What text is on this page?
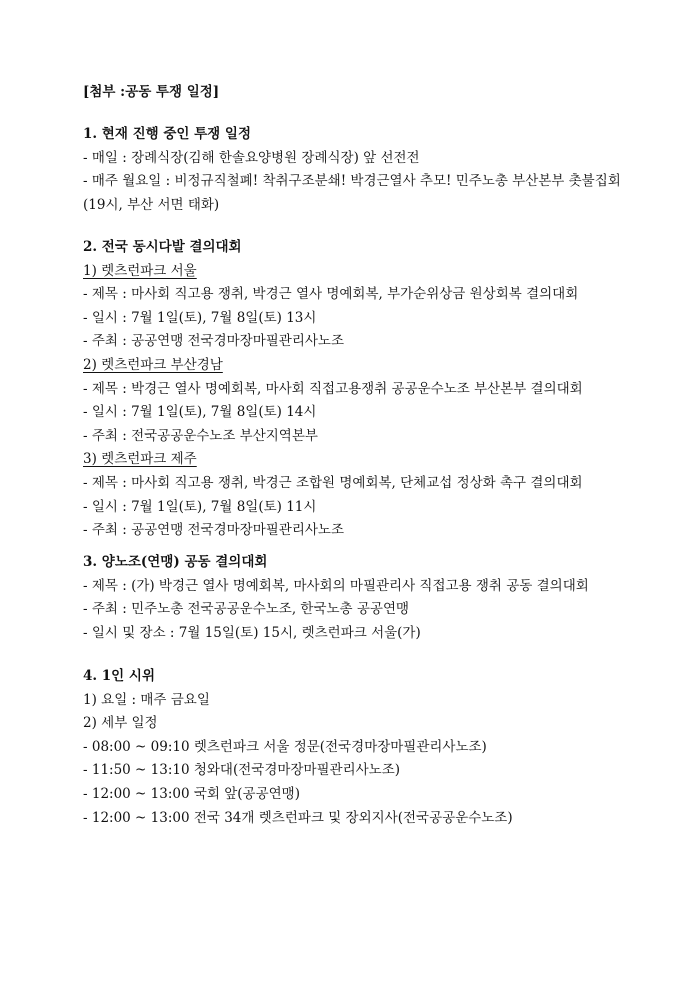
[첨부 :공동 투쟁 일정]
1. 현재 진행 중인 투쟁 일정
- 매일 : 장례식장(김해 한솔요양병원 장례식장) 앞 선전전
- 매주 월요일 : 비정규직철폐! 착취구조분쇄! 박경근열사 추모! 민주노총 부산본부 촛불집회(19시, 부산 서면 태화)
2. 전국 동시다발 결의대회
1) 렛츠런파크 서울
- 제목 : 마사회 직고용 쟁취, 박경근 열사 명예회복, 부가순위상금 원상회복 결의대회
- 일시 : 7월 1일(토), 7월 8일(토) 13시
- 주최 : 공공연맹 전국경마장마필관리사노조
2) 렛츠런파크 부산경남
- 제목 : 박경근 열사 명예회복, 마사회 직접고용쟁취 공공운수노조 부산본부 결의대회
- 일시 : 7월 1일(토), 7월 8일(토) 14시
- 주최 : 전국공공운수노조 부산지역본부
3) 렛츠런파크 제주
- 제목 : 마사회 직고용 쟁취, 박경근 조합원 명예회복, 단체교섭 정상화 촉구 결의대회
- 일시 : 7월 1일(토), 7월 8일(토) 11시
- 주최 : 공공연맹 전국경마장마필관리사노조
3. 양노조(연맹) 공동 결의대회
- 제목 : (가) 박경근 열사 명예회복, 마사회의 마필관리사 직접고용 쟁취 공동 결의대회
- 주최 : 민주노총 전국공공운수노조, 한국노총 공공연맹
- 일시 및 장소 : 7월 15일(토) 15시, 렛츠런파크 서울(가)
4. 1인 시위
1) 요일 : 매주 금요일
2) 세부 일정
- 08:00 ~ 09:10 렛츠런파크 서울 정문(전국경마장마필관리사노조)
- 11:50 ~ 13:10 청와대(전국경마장마필관리사노조)
- 12:00 ~ 13:00 국회 앞(공공연맹)
- 12:00 ~ 13:00 전국 34개 렛츠런파크 및 장외지사(전국공공운수노조)
